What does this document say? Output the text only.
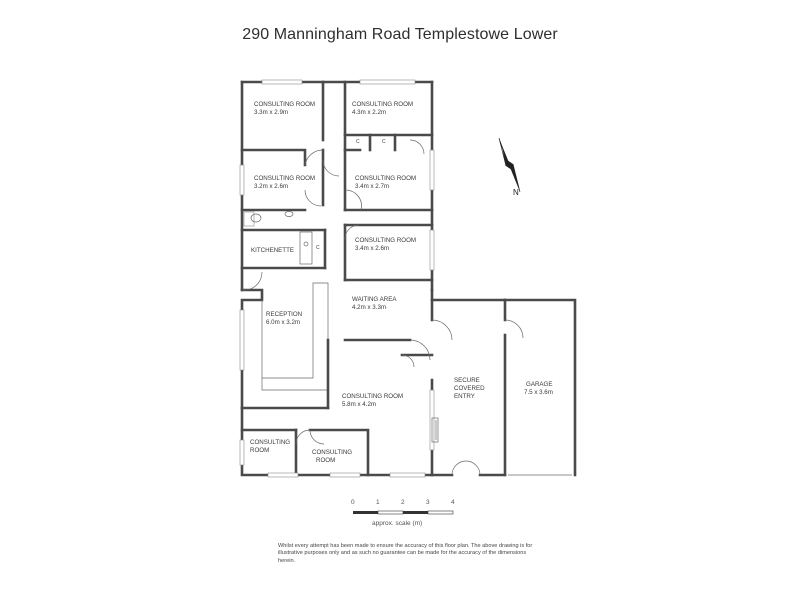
290 Manningham Road Templestowe Lower
CONSULTING ROOM
3.3m x 2.9m
CONSULTING ROOM
4.3m x 2.2m
CONSULTING ROOM
3.2m x 2.6m
CONSULTING ROOM
3.4m x 2.7m
CONSULTING ROOM
3.4m x 2.6m
KITCHENETTE
WAITING AREA
4.2m x 3.3m
RECEPTION
6.0m x 3.2m
CONSULTING ROOM
5.8m x 4.2m
CONSULTING
ROOM	CONSULTING
ROOM
SECURE
COVERED
ENTRY
GARAGE
7.5 x 3.6m
C	C
C
N
0	1	2	3	4
approx. scale (m)
Whilst every attempt has been made to ensure the accuracy of this floor plan. The above drawing is for illustrative purposes only and as such no guarantee can be made for the accuracy of the dimensions herein.
